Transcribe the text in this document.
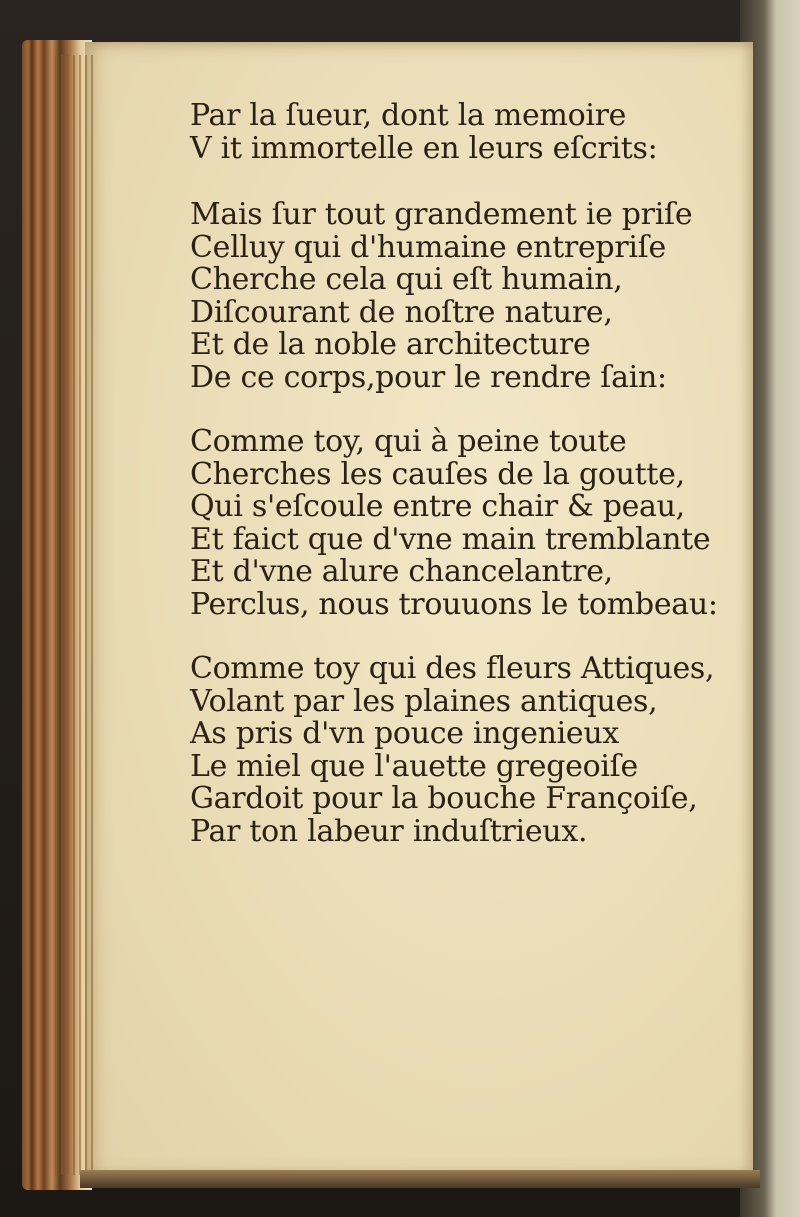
Par la ſueur, dont la memoire
V it immortelle en leurs eſcrits:
Mais ſur tout grandement ie priſe
Celluy qui d'humaine entrepriſe
Cherche cela qui eſt humain,
Diſcourant de noſtre nature,
Et de la noble architecture
De ce corps,pour le rendre ſain:
Comme toy, qui à peine toute
Cherches les cauſes de la goutte,
Qui s'eſcoule entre chair & peau,
Et faict que d'vne main tremblante
Et d'vne alure chancelantre,
Perclus, nous trouuons le tombeau:
Comme toy qui des fleurs Attiques,
Volant par les plaines antiques,
As pris d'vn pouce ingenieux
Le miel que l'auette gregeoiſe
Gardoit pour la bouche Françoiſe,
Par ton labeur induſtrieux.
